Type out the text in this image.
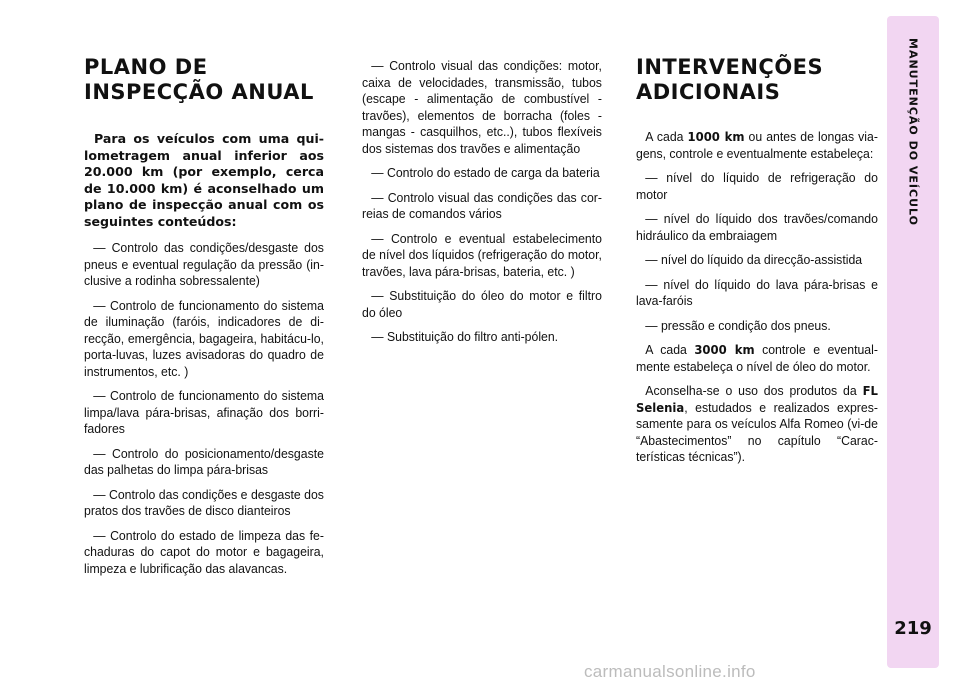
PLANO DE
INSPECÇÃO ANUAL

Para os veículos com uma qui-lometragem anual inferior aos 20.000 km (por exemplo, cerca de 10.000 km) é aconselhado um plano de inspecção anual com os seguintes conteúdos:

— Controlo das condições/desgaste dos pneus e eventual regulação da pressão (in-clusive a rodinha sobressalente)

— Controlo de funcionamento do sistema de iluminação (faróis, indicadores de di-recção, emergência, bagageira, habitácu-lo, porta-luvas, luzes avisadoras do quadro de instrumentos, etc. )

— Controlo de funcionamento do sistema limpa/lava pára-brisas, afinação dos borri-fadores

— Controlo do posicionamento/desgaste das palhetas do limpa pára-brisas

— Controlo das condições e desgaste dos pratos dos travões de disco dianteiros

— Controlo do estado de limpeza das fe-chaduras do capot do motor e bagageira, limpeza e lubrificação das alavancas.

— Controlo visual das condições: motor, caixa de velocidades, transmissão, tubos (escape - alimentação de combustível - travões), elementos de borracha (foles - mangas - casquilhos, etc..), tubos flexíveis dos sistemas dos travões e alimentação

— Controlo do estado de carga da bateria

— Controlo visual das condições das cor-reias de comandos vários

— Controlo e eventual estabelecimento de nível dos líquidos (refrigeração do motor, travões, lava pára-brisas, bateria, etc. )

— Substituição do óleo do motor e filtro do óleo

— Substituição do filtro anti-pólen.

INTERVENÇÕES
ADICIONAIS

A cada 1000 km ou antes de longas via-gens, controle e eventualmente estabeleça:

— nível do líquido de refrigeração do motor

— nível do líquido dos travões/comando hidráulico da embraiagem

— nível do líquido da direcção-assistida

— nível do líquido do lava pára-brisas e lava-faróis

— pressão e condição dos pneus.

A cada 3000 km controle e eventual-mente estabeleça o nível de óleo do motor.

Aconselha-se o uso dos produtos da FL Selenia, estudados e realizados expres-samente para os veículos Alfa Romeo (vi-de “Abastecimentos” no capítulo “Carac-terísticas técnicas”).

MANUTENÇÃO DO VEÍCULO
219
carmanualsonline.info
